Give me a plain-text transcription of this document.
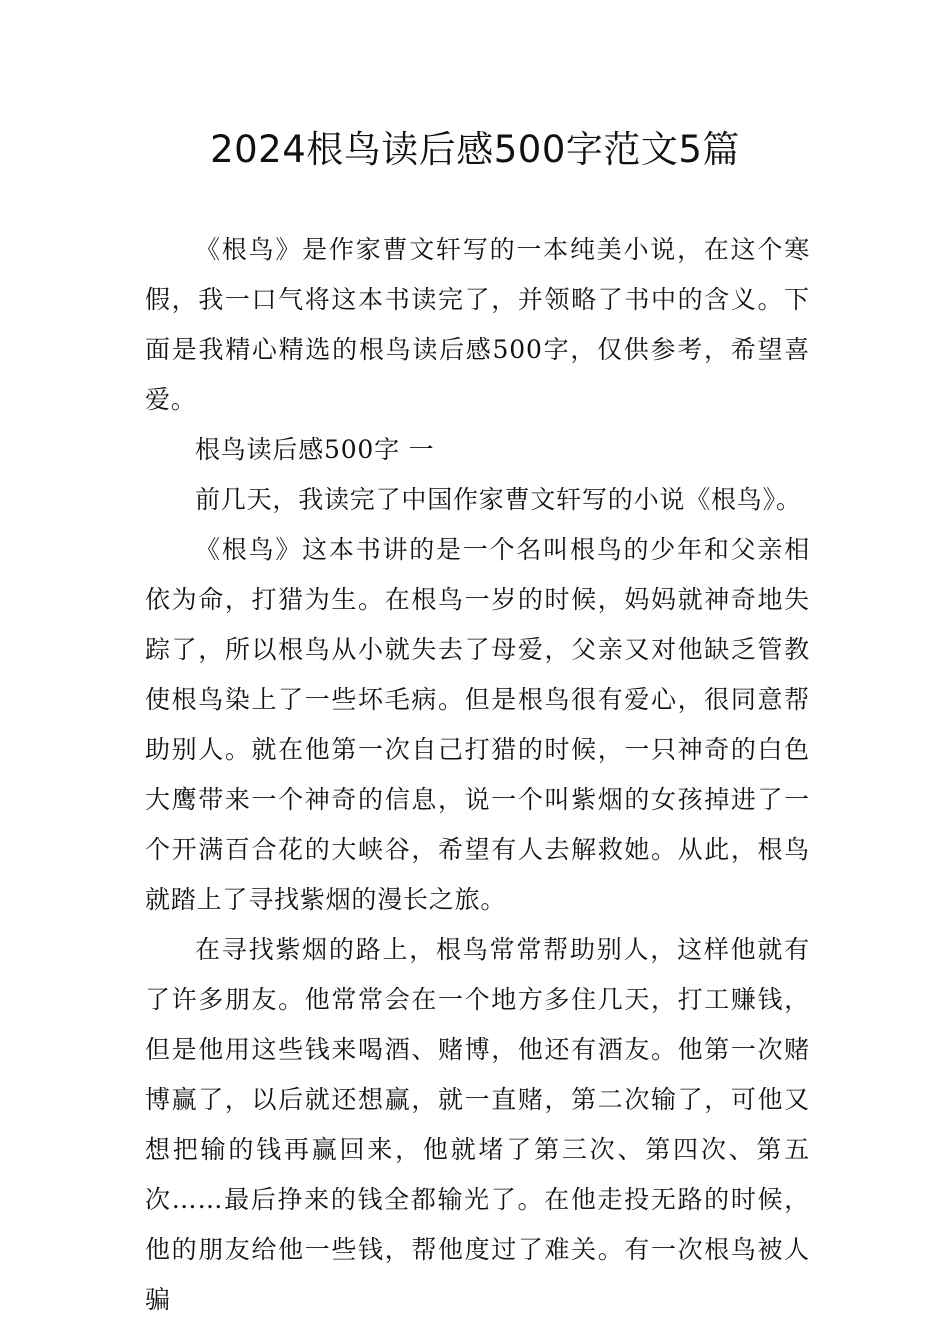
2024根鸟读后感500字范文5篇

《根鸟》是作家曹文轩写的一本纯美小说，在这个寒假，我一口气将这本书读完了，并领略了书中的含义。下面是我精心精选的根鸟读后感500字，仅供参考，希望喜爱。

根鸟读后感500字 一

前几天，我读完了中国作家曹文轩写的小说《根鸟》。

《根鸟》这本书讲的是一个名叫根鸟的少年和父亲相依为命，打猎为生。在根鸟一岁的时候，妈妈就神奇地失踪了，所以根鸟从小就失去了母爱，父亲又对他缺乏管教使根鸟染上了一些坏毛病。但是根鸟很有爱心，很同意帮助别人。就在他第一次自己打猎的时候，一只神奇的白色大鹰带来一个神奇的信息，说一个叫紫烟的女孩掉进了一个开满百合花的大峡谷，希望有人去解救她。从此，根鸟就踏上了寻找紫烟的漫长之旅。

在寻找紫烟的路上，根鸟常常帮助别人，这样他就有了许多朋友。他常常会在一个地方多住几天，打工赚钱，但是他用这些钱来喝酒、赌博，他还有酒友。他第一次赌博赢了，以后就还想赢，就一直赌，第二次输了，可他又想把输的钱再赢回来，他就堵了第三次、第四次、第五次……最后挣来的钱全都输光了。在他走投无路的时候，他的朋友给他一些钱，帮他度过了难关。有一次根鸟被人骗
